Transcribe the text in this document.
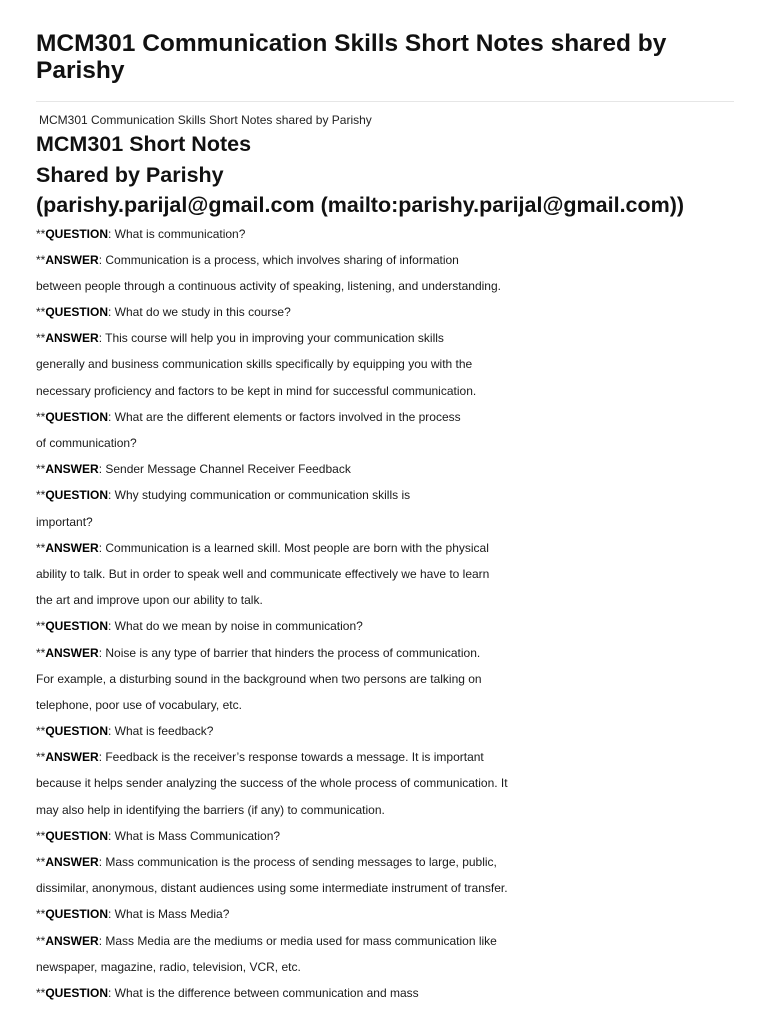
MCM301 Communication Skills Short Notes shared by Parishy
MCM301 Communication Skills Short Notes shared by Parishy
MCM301 Short Notes
Shared by Parishy
(parishy.parijal@gmail.com (mailto:parishy.parijal@gmail.com))
**QUESTION: What is communication?
**ANSWER: Communication is a process, which involves sharing of information
between people through a continuous activity of speaking, listening, and understanding.
**QUESTION: What do we study in this course?
**ANSWER: This course will help you in improving your communication skills
generally and business communication skills specifically by equipping you with the
necessary proficiency and factors to be kept in mind for successful communication.
**QUESTION: What are the different elements or factors involved in the process
of communication?
**ANSWER: Sender Message Channel Receiver Feedback
**QUESTION: Why studying communication or communication skills is
important?
**ANSWER: Communication is a learned skill. Most people are born with the physical
ability to talk. But in order to speak well and communicate effectively we have to learn
the art and improve upon our ability to talk.
**QUESTION: What do we mean by noise in communication?
**ANSWER: Noise is any type of barrier that hinders the process of communication.
For example, a disturbing sound in the background when two persons are talking on
telephone, poor use of vocabulary, etc.
**QUESTION: What is feedback?
**ANSWER: Feedback is the receiver’s response towards a message. It is important
because it helps sender analyzing the success of the whole process of communication. It
may also help in identifying the barriers (if any) to communication.
**QUESTION: What is Mass Communication?
**ANSWER: Mass communication is the process of sending messages to large, public,
dissimilar, anonymous, distant audiences using some intermediate instrument of transfer.
**QUESTION: What is Mass Media?
**ANSWER: Mass Media are the mediums or media used for mass communication like
newspaper, magazine, radio, television, VCR, etc.
**QUESTION: What is the difference between communication and mass
